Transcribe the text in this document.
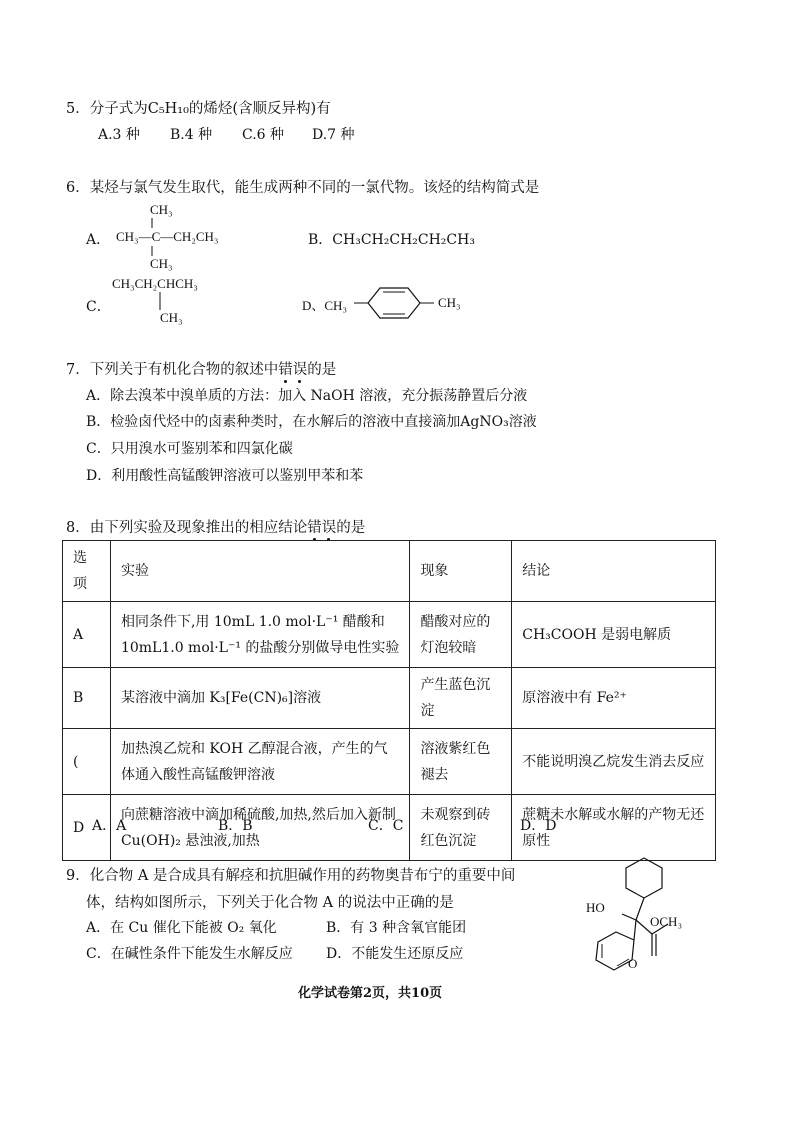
5．分子式为C₅H₁₀的烯烃(含顺反异构)有
A.3 种 B.4 种 C.6 种 D.7 种
6．某烃与氯气发生取代，能生成两种不同的一氯代物。该烃的结构简式是
A．
CH₃
CH₃—C—CH₂CH₃
CH₃
B．CH₃CH₂CH₂CH₂CH₃
C．
CH₃CH₂CHCH₃
CH₃
D、CH₃	CH₃
7．下列关于有机化合物的叙述中错误的是
A．除去溴苯中溴单质的方法：加入 NaOH 溶液，充分振荡静置后分液
B．检验卤代烃中的卤素种类时，在水解后的溶液中直接滴加AgNO₃溶液
C．只用溴水可鉴别苯和四氯化碳
D．利用酸性高锰酸钾溶液可以鉴别甲苯和苯
8．由下列实验及现象推出的相应结论错误的是
选项	实验	现象	结论
A	相同条件下,用 10mL 1.0 mol·L⁻¹ 醋酸和 10mL1.0 mol·L⁻¹ 的盐酸分别做导电性实验	醋酸对应的灯泡较暗	CH₃COOH 是弱电解质
B	某溶液中滴加 K₃[Fe(CN)₆]溶液	产生蓝色沉淀	原溶液中有 Fe²⁺
(	加热溴乙烷和 KOH 乙醇混合液，产生的气体通入酸性高锰酸钾溶液	溶液紫红色褪去	不能说明溴乙烷发生消去反应
D	向蔗糖溶液中滴加稀硫酸,加热,然后加入新制 Cu(OH)₂ 悬浊液,加热	未观察到砖红色沉淀	蔗糖未水解或水解的产物无还原性
A．A	B．B	C．C	D．D
9．化合物 A 是合成具有解痉和抗胆碱作用的药物奥昔布宁的重要中间
体，结构如图所示，下列关于化合物 A 的说法中正确的是
A．在 Cu 催化下能被 O₂ 氧化	B．有 3 种含氧官能团
C．在碱性条件下能发生水解反应 D．不能发生还原反应
HO
OCH₃
O
化学试卷第2页，共10页
